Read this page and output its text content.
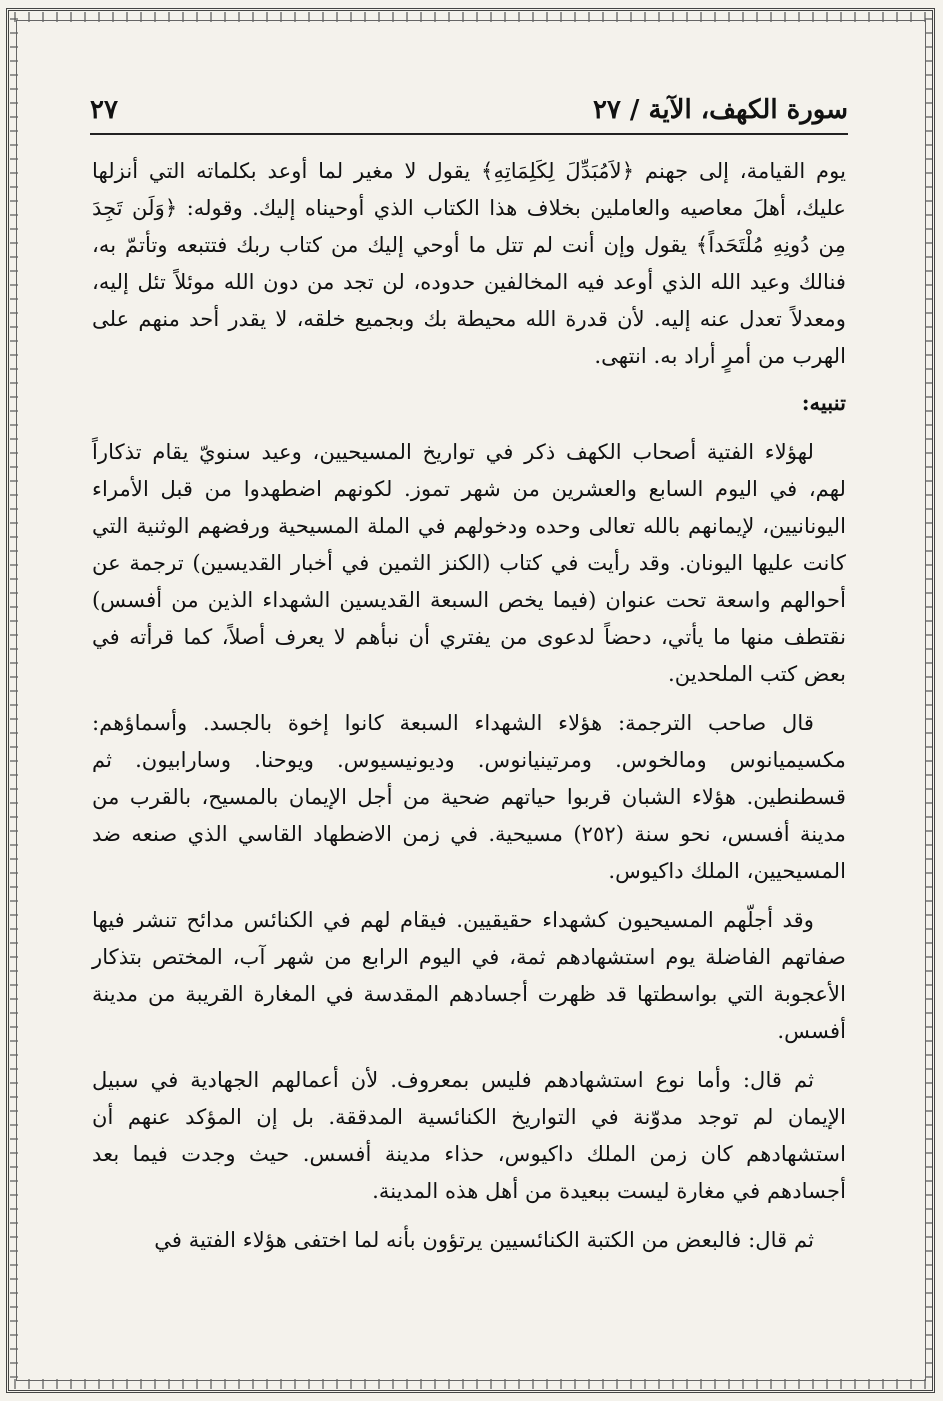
سورة الكهف، الآية / ٢٧
٢٧

يوم القيامة، إلى جهنم ﴿لاَمُبَدِّلَ لِكَلِمَاتِهِ﴾ يقول لا مغير لما أوعد بكلماته التي أنزلها عليك، أهلَ معاصيه والعاملين بخلاف هذا الكتاب الذي أوحيناه إليك. وقوله: ﴿وَلَن تَجِدَ مِن دُونِهِ مُلْتَحَداً﴾ يقول وإن أنت لم تتل ما أوحي إليك من كتاب ربك فتتبعه وتأتمّ به، فنالك وعيد الله الذي أوعد فيه المخالفين حدوده، لن تجد من دون الله موئلاً تئل إليه، ومعدلاً تعدل عنه إليه. لأن قدرة الله محيطة بك وبجميع خلقه، لا يقدر أحد منهم على الهرب من أمرٍ أراد به. انتهى.

تنبيه:

لهؤلاء الفتية أصحاب الكهف ذكر في تواريخ المسيحيين، وعيد سنويّ يقام تذكاراً لهم، في اليوم السابع والعشرين من شهر تموز. لكونهم اضطهدوا من قبل الأمراء اليونانيين، لإيمانهم بالله تعالى وحده ودخولهم في الملة المسيحية ورفضهم الوثنية التي كانت عليها اليونان. وقد رأيت في كتاب (الكنز الثمين في أخبار القديسين) ترجمة عن أحوالهم واسعة تحت عنوان (فيما يخص السبعة القديسين الشهداء الذين من أفسس) نقتطف منها ما يأتي، دحضاً لدعوى من يفتري أن نبأهم لا يعرف أصلاً، كما قرأته في بعض كتب الملحدين.

قال صاحب الترجمة: هؤلاء الشهداء السبعة كانوا إخوة بالجسد. وأسماؤهم: مكسيميانوس ومالخوس. ومرتينيانوس. وديونيسيوس. ويوحنا. وسارابيون. ثم قسطنطين. هؤلاء الشبان قربوا حياتهم ضحية من أجل الإيمان بالمسيح، بالقرب من مدينة أفسس، نحو سنة (٢٥٢) مسيحية. في زمن الاضطهاد القاسي الذي صنعه ضد المسيحيين، الملك داكيوس.

وقد أجلّهم المسيحيون كشهداء حقيقيين. فيقام لهم في الكنائس مدائح تنشر فيها صفاتهم الفاضلة يوم استشهادهم ثمة، في اليوم الرابع من شهر آب، المختص بتذكار الأعجوبة التي بواسطتها قد ظهرت أجسادهم المقدسة في المغارة القريبة من مدينة أفسس.

ثم قال: وأما نوع استشهادهم فليس بمعروف. لأن أعمالهم الجهادية في سبيل الإيمان لم توجد مدوّنة في التواريخ الكنائسية المدققة. بل إن المؤكد عنهم أن استشهادهم كان زمن الملك داكيوس، حذاء مدينة أفسس. حيث وجدت فيما بعد أجسادهم في مغارة ليست ببعيدة من أهل هذه المدينة.

ثم قال: فالبعض من الكتبة الكنائسيين يرتؤون بأنه لما اختفى هؤلاء الفتية في
